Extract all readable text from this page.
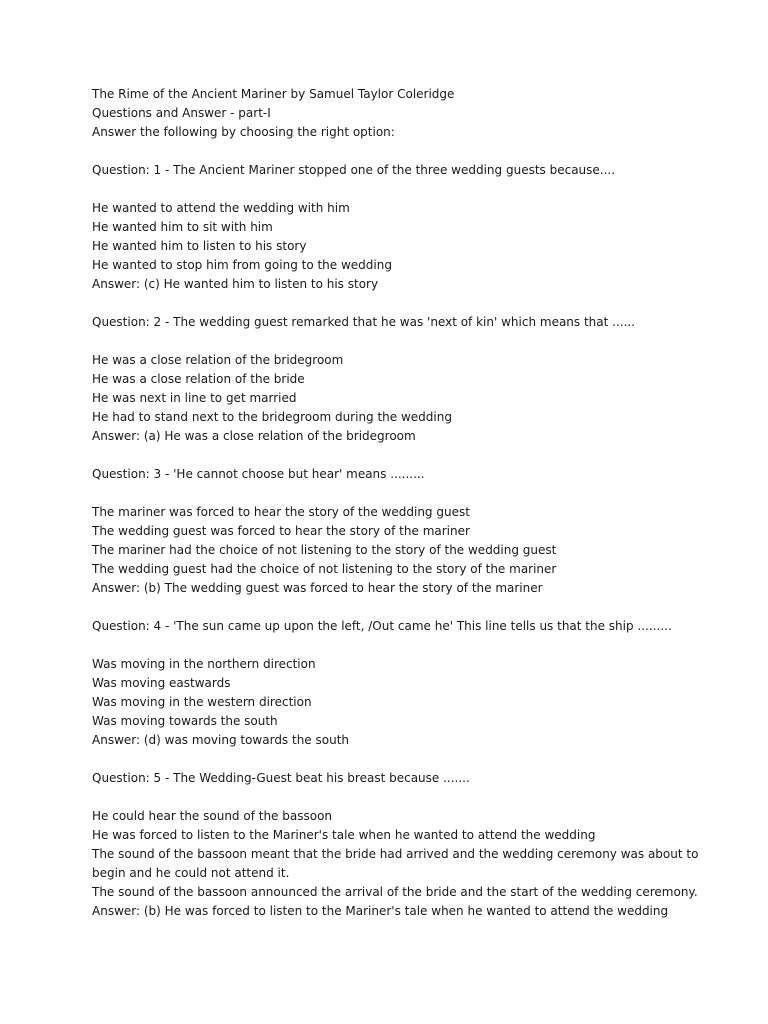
The Rime of the Ancient Mariner by Samuel Taylor Coleridge
Questions and Answer - part-I
Answer the following by choosing the right option:
Question: 1 - The Ancient Mariner stopped one of the three wedding guests because....
He wanted to attend the wedding with him
He wanted him to sit with him
He wanted him to listen to his story
He wanted to stop him from going to the wedding
Answer: (c) He wanted him to listen to his story
Question: 2 - The wedding guest remarked that he was 'next of kin' which means that ......
He was a close relation of the bridegroom
He was a close relation of the bride
He was next in line to get married
He had to stand next to the bridegroom during the wedding
Answer: (a) He was a close relation of the bridegroom
Question: 3 - 'He cannot choose but hear' means .........
The mariner was forced to hear the story of the wedding guest
The wedding guest was forced to hear the story of the mariner
The mariner had the choice of not listening to the story of the wedding guest
The wedding guest had the choice of not listening to the story of the mariner
Answer: (b) The wedding guest was forced to hear the story of the mariner
Question: 4 - 'The sun came up upon the left, /Out came he' This line tells us that the ship .........
Was moving in the northern direction
Was moving eastwards
Was moving in the western direction
Was moving towards the south
Answer: (d) was moving towards the south
Question: 5 - The Wedding-Guest beat his breast because .......
He could hear the sound of the bassoon
He was forced to listen to the Mariner's tale when he wanted to attend the wedding
The sound of the bassoon meant that the bride had arrived and the wedding ceremony was about to begin and he could not attend it.
The sound of the bassoon announced the arrival of the bride and the start of the wedding ceremony.
Answer: (b) He was forced to listen to the Mariner's tale when he wanted to attend the wedding
